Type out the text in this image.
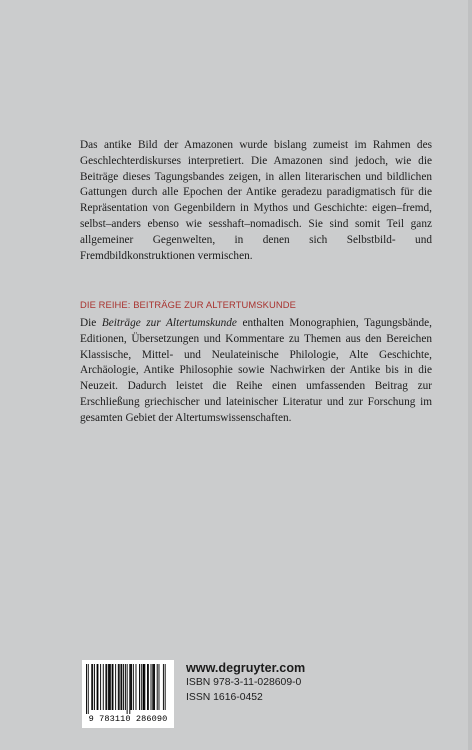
Das antike Bild der Amazonen wurde bislang zumeist im Rahmen des Geschlechterdiskurses interpretiert. Die Amazonen sind jedoch, wie die Beiträge dieses Tagungsbandes zeigen, in allen literarischen und bildlichen Gattungen durch alle Epochen der Antike geradezu paradigmatisch für die Repräsentation von Gegenbildern in Mythos und Geschichte: eigen–fremd, selbst–anders ebenso wie sesshaft–nomadisch. Sie sind somit Teil ganz allgemeiner Gegenwelten, in denen sich Selbstbild- und Fremdbildkonstruktionen vermischen.

DIE REIHE: BEITRÄGE ZUR ALTERTUMSKUNDE

Die Beiträge zur Altertumskunde enthalten Monographien, Tagungsbände, Editionen, Übersetzungen und Kommentare zu Themen aus den Bereichen Klassische, Mittel- und Neulateinische Philologie, Alte Geschichte, Archäologie, Antike Philosophie sowie Nachwirken der Antike bis in die Neuzeit. Dadurch leistet die Reihe einen umfassenden Beitrag zur Erschließung griechischer und lateinischer Literatur und zur Forschung im gesamten Gebiet der Altertumswissenschaften.

9 783110 286090

www.degruyter.com

ISBN 978-3-11-028609-0

ISSN 1616-0452
